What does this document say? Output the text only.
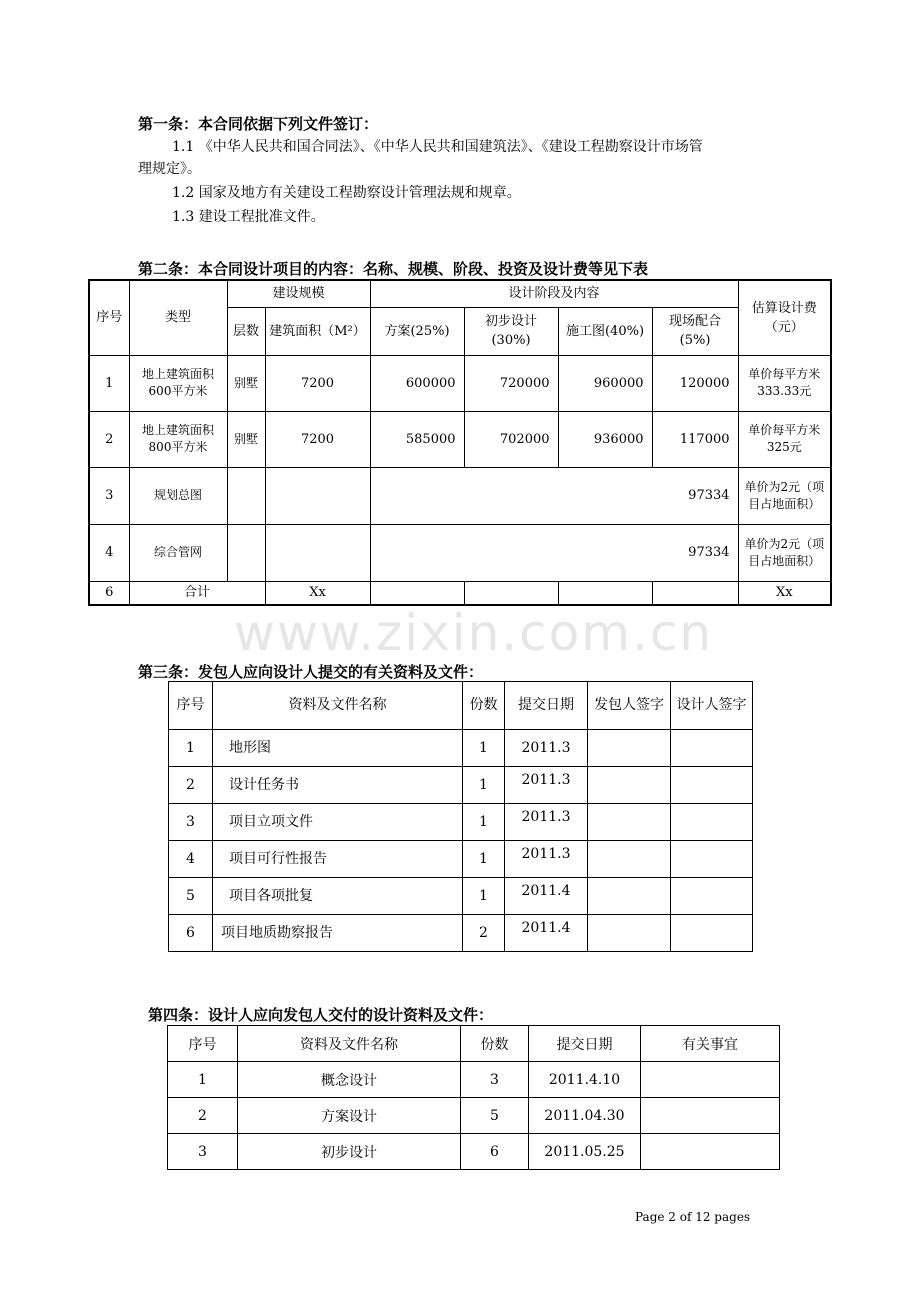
第一条：本合同依据下列文件签订：
1.1 《中华人民共和国合同法》、《中华人民共和国建筑法》、《建设工程勘察设计市场管
理规定》。
1.2 国家及地方有关建设工程勘察设计管理法规和规章。
1.3 建设工程批准文件。
第二条：本合同设计项目的内容：名称、规模、阶段、投资及设计费等见下表
序号	类型	建设规模		设计阶段及内容				估算设计费（元）
		层数	建筑面积（M²）	方案(25%)	初步设计(30%)	施工图(40%)	现场配合(5%)	
1	地上建筑面积600平方米	别墅	7200	600000	720000	960000	120000	单价每平方米333.33元
2	地上建筑面积800平方米	别墅	7200	585000	702000	936000	117000	单价每平方米325元
3	规划总图			97334				单价为2元（项目占地面积）
4	综合管网			97334				单价为2元（项目占地面积）
6	合计		Xx					Xx
www.zixin.com.cn
第三条：发包人应向设计人提交的有关资料及文件：
序号	资料及文件名称	份数	提交日期	发包人签字	设计人签字
1	地形图	1	2011.3		
2	设计任务书	1	2011.3		
3	项目立项文件	1	2011.3		
4	项目可行性报告	1	2011.3		
5	项目各项批复	1	2011.4		
6	项目地质勘察报告	2	2011.4		
第四条：设计人应向发包人交付的设计资料及文件：
序号	资料及文件名称	份数	提交日期	有关事宜
1	概念设计	3	2011.4.10	
2	方案设计	5	2011.04.30	
3	初步设计	6	2011.05.25	
Page 2 of 12 pages
